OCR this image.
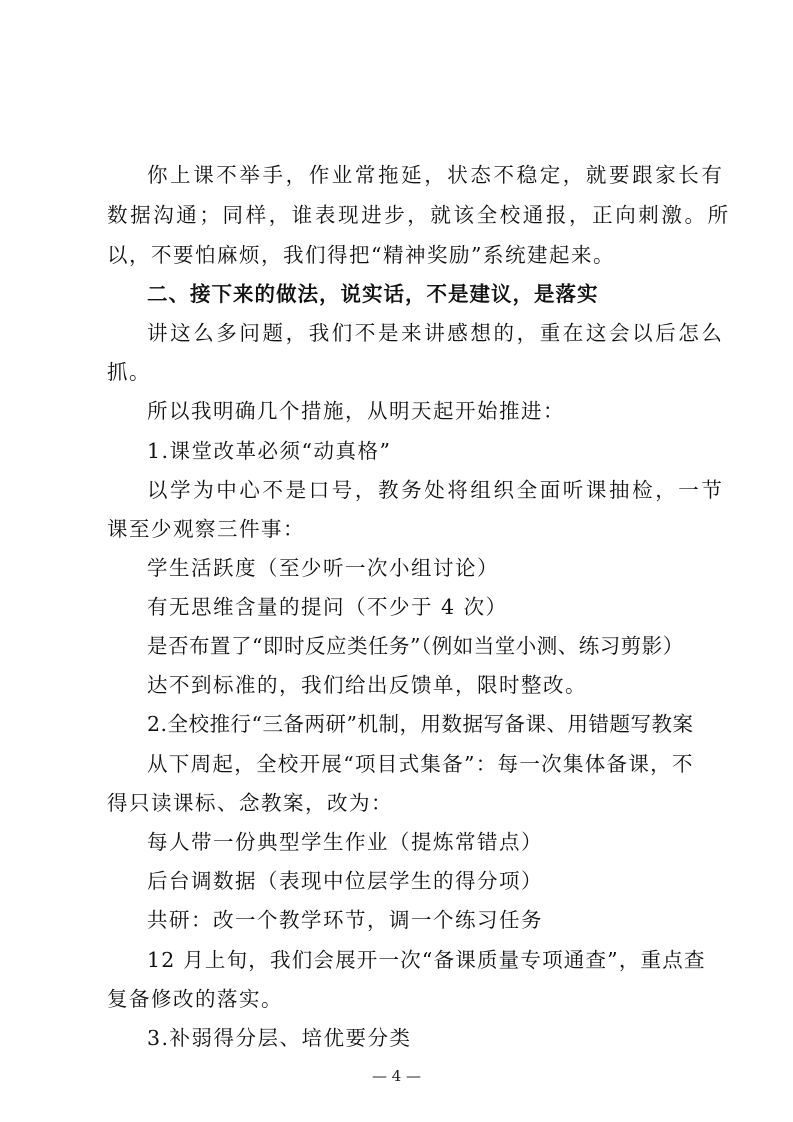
你上课不举手，作业常拖延，状态不稳定，就要跟家长有
数据沟通；同样，谁表现进步，就该全校通报，正向刺激。所
以，不要怕麻烦，我们得把“精神奖励”系统建起来。
二、接下来的做法，说实话，不是建议，是落实
讲这么多问题，我们不是来讲感想的，重在这会以后怎么
抓。
所以我明确几个措施，从明天起开始推进：
1.课堂改革必须“动真格”
以学为中心不是口号，教务处将组织全面听课抽检，一节
课至少观察三件事：
学生活跃度（至少听一次小组讨论）
有无思维含量的提问（不少于 4 次）
是否布置了“即时反应类任务”（例如当堂小测、练习剪影）
达不到标准的，我们给出反馈单，限时整改。
2.全校推行“三备两研”机制，用数据写备课、用错题写教案
从下周起，全校开展“项目式集备”：每一次集体备课，不
得只读课标、念教案，改为：
每人带一份典型学生作业（提炼常错点）
后台调数据（表现中位层学生的得分项）
共研：改一个教学环节，调一个练习任务
12 月上旬，我们会展开一次“备课质量专项通查”，重点查
复备修改的落实。
3.补弱得分层、培优要分类
— 4 —
